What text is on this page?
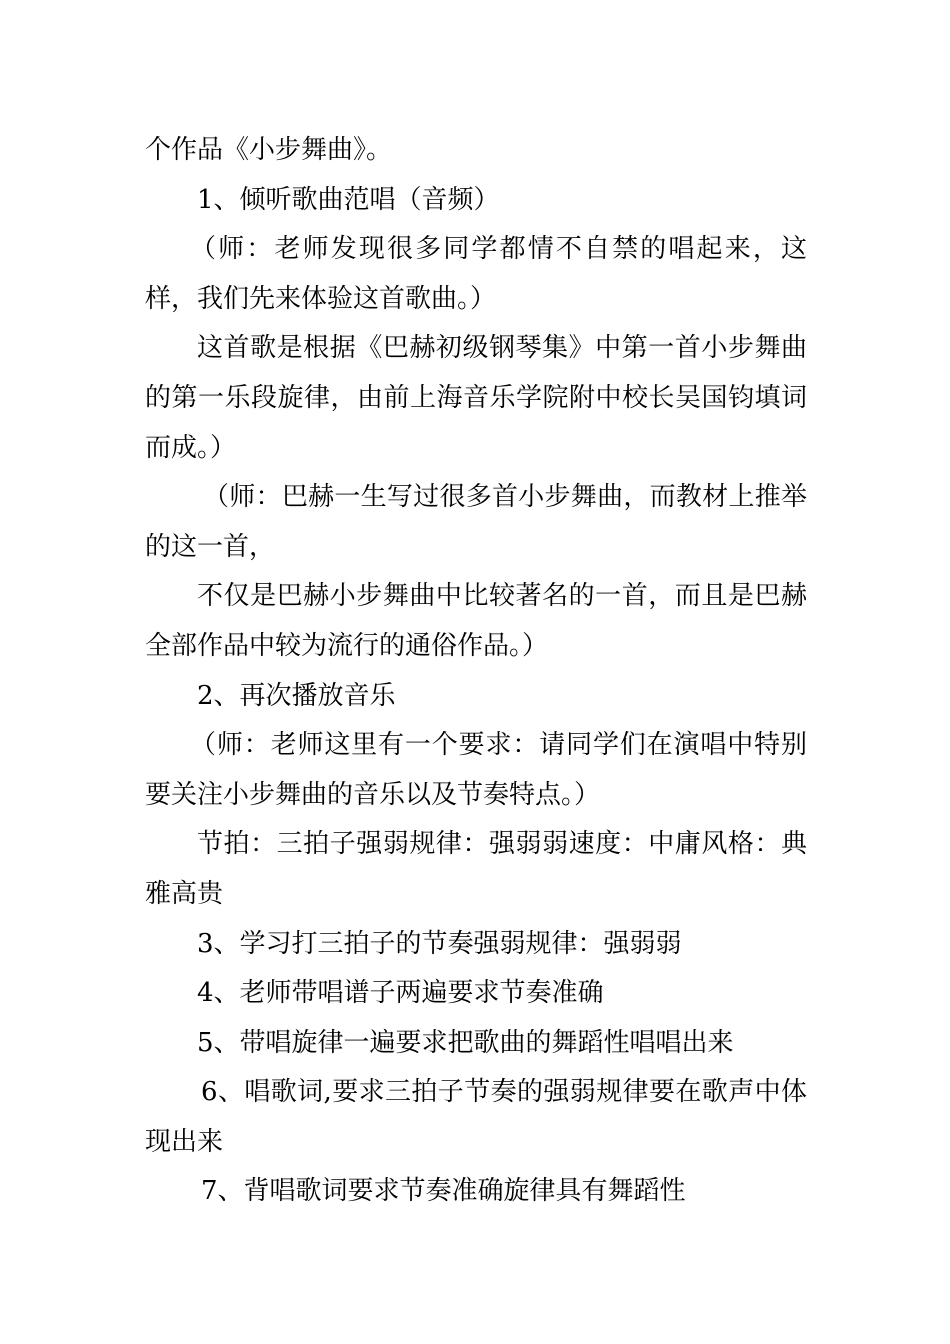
个作品《小步舞曲》。

1、倾听歌曲范唱（音频）

（师：老师发现很多同学都情不自禁的唱起来，这样，我们先来体验这首歌曲。）

这首歌是根据《巴赫初级钢琴集》中第一首小步舞曲的第一乐段旋律，由前上海音乐学院附中校长吴国钧填词而成。）

（师：巴赫一生写过很多首小步舞曲，而教材上推举的这一首，

不仅是巴赫小步舞曲中比较著名的一首，而且是巴赫全部作品中较为流行的通俗作品。）

2、再次播放音乐

（师：老师这里有一个要求：请同学们在演唱中特别要关注小步舞曲的音乐以及节奏特点。）

节拍：三拍子强弱规律：强弱弱速度：中庸风格：典雅高贵

3、学习打三拍子的节奏强弱规律：强弱弱

4、老师带唱谱子两遍要求节奏准确

5、带唱旋律一遍要求把歌曲的舞蹈性唱唱出来

6、唱歌词,要求三拍子节奏的强弱规律要在歌声中体现出来

7、背唱歌词要求节奏准确旋律具有舞蹈性
